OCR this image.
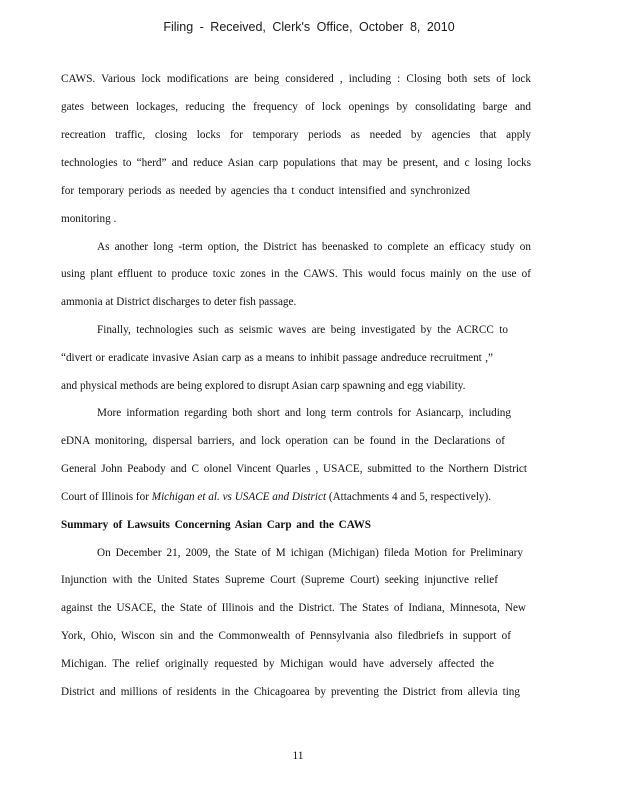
Filing - Received, Clerk's Office, October 8, 2010
CAWS. Various lock modifications are being considered , including : Closing both sets of lock
gates between lockages, reducing the frequency of lock openings by consolidating barge and
recreation traffic, closing locks for temporary periods as needed by agencies that apply
technologies to “herd” and reduce Asian carp populations that may be present, and c losing locks
for temporary periods as needed by agencies tha t conduct intensified and synchronized
monitoring .
As another long -term option, the District has beenasked to complete an efficacy study on
using plant effluent to produce toxic zones in the CAWS. This would focus mainly on the use of
ammonia at District discharges to deter fish passage.
Finally, technologies such as seismic waves are being investigated by the ACRCC to
“divert or eradicate invasive Asian carp as a means to inhibit passage andreduce recruitment ,”
and physical methods are being explored to disrupt Asian carp spawning and egg viability.
More information regarding both short and long term controls for Asiancarp, including
eDNA monitoring, dispersal barriers, and lock operation can be found in the Declarations of
General John Peabody and C olonel Vincent Quarles , USACE, submitted to the Northern District
Court of Illinois for Michigan et al. vs USACE and District (Attachments 4 and 5, respectively).
Summary of Lawsuits Concerning Asian Carp and the CAWS
On December 21, 2009, the State of M ichigan (Michigan) fileda Motion for Preliminary
Injunction with the United States Supreme Court (Supreme Court) seeking injunctive relief
against the USACE, the State of Illinois and the District. The States of Indiana, Minnesota, New
York, Ohio, Wiscon sin and the Commonwealth of Pennsylvania also filedbriefs in support of
Michigan. The relief originally requested by Michigan would have adversely affected the
District and millions of residents in the Chicagoarea by preventing the District from allevia ting
11
